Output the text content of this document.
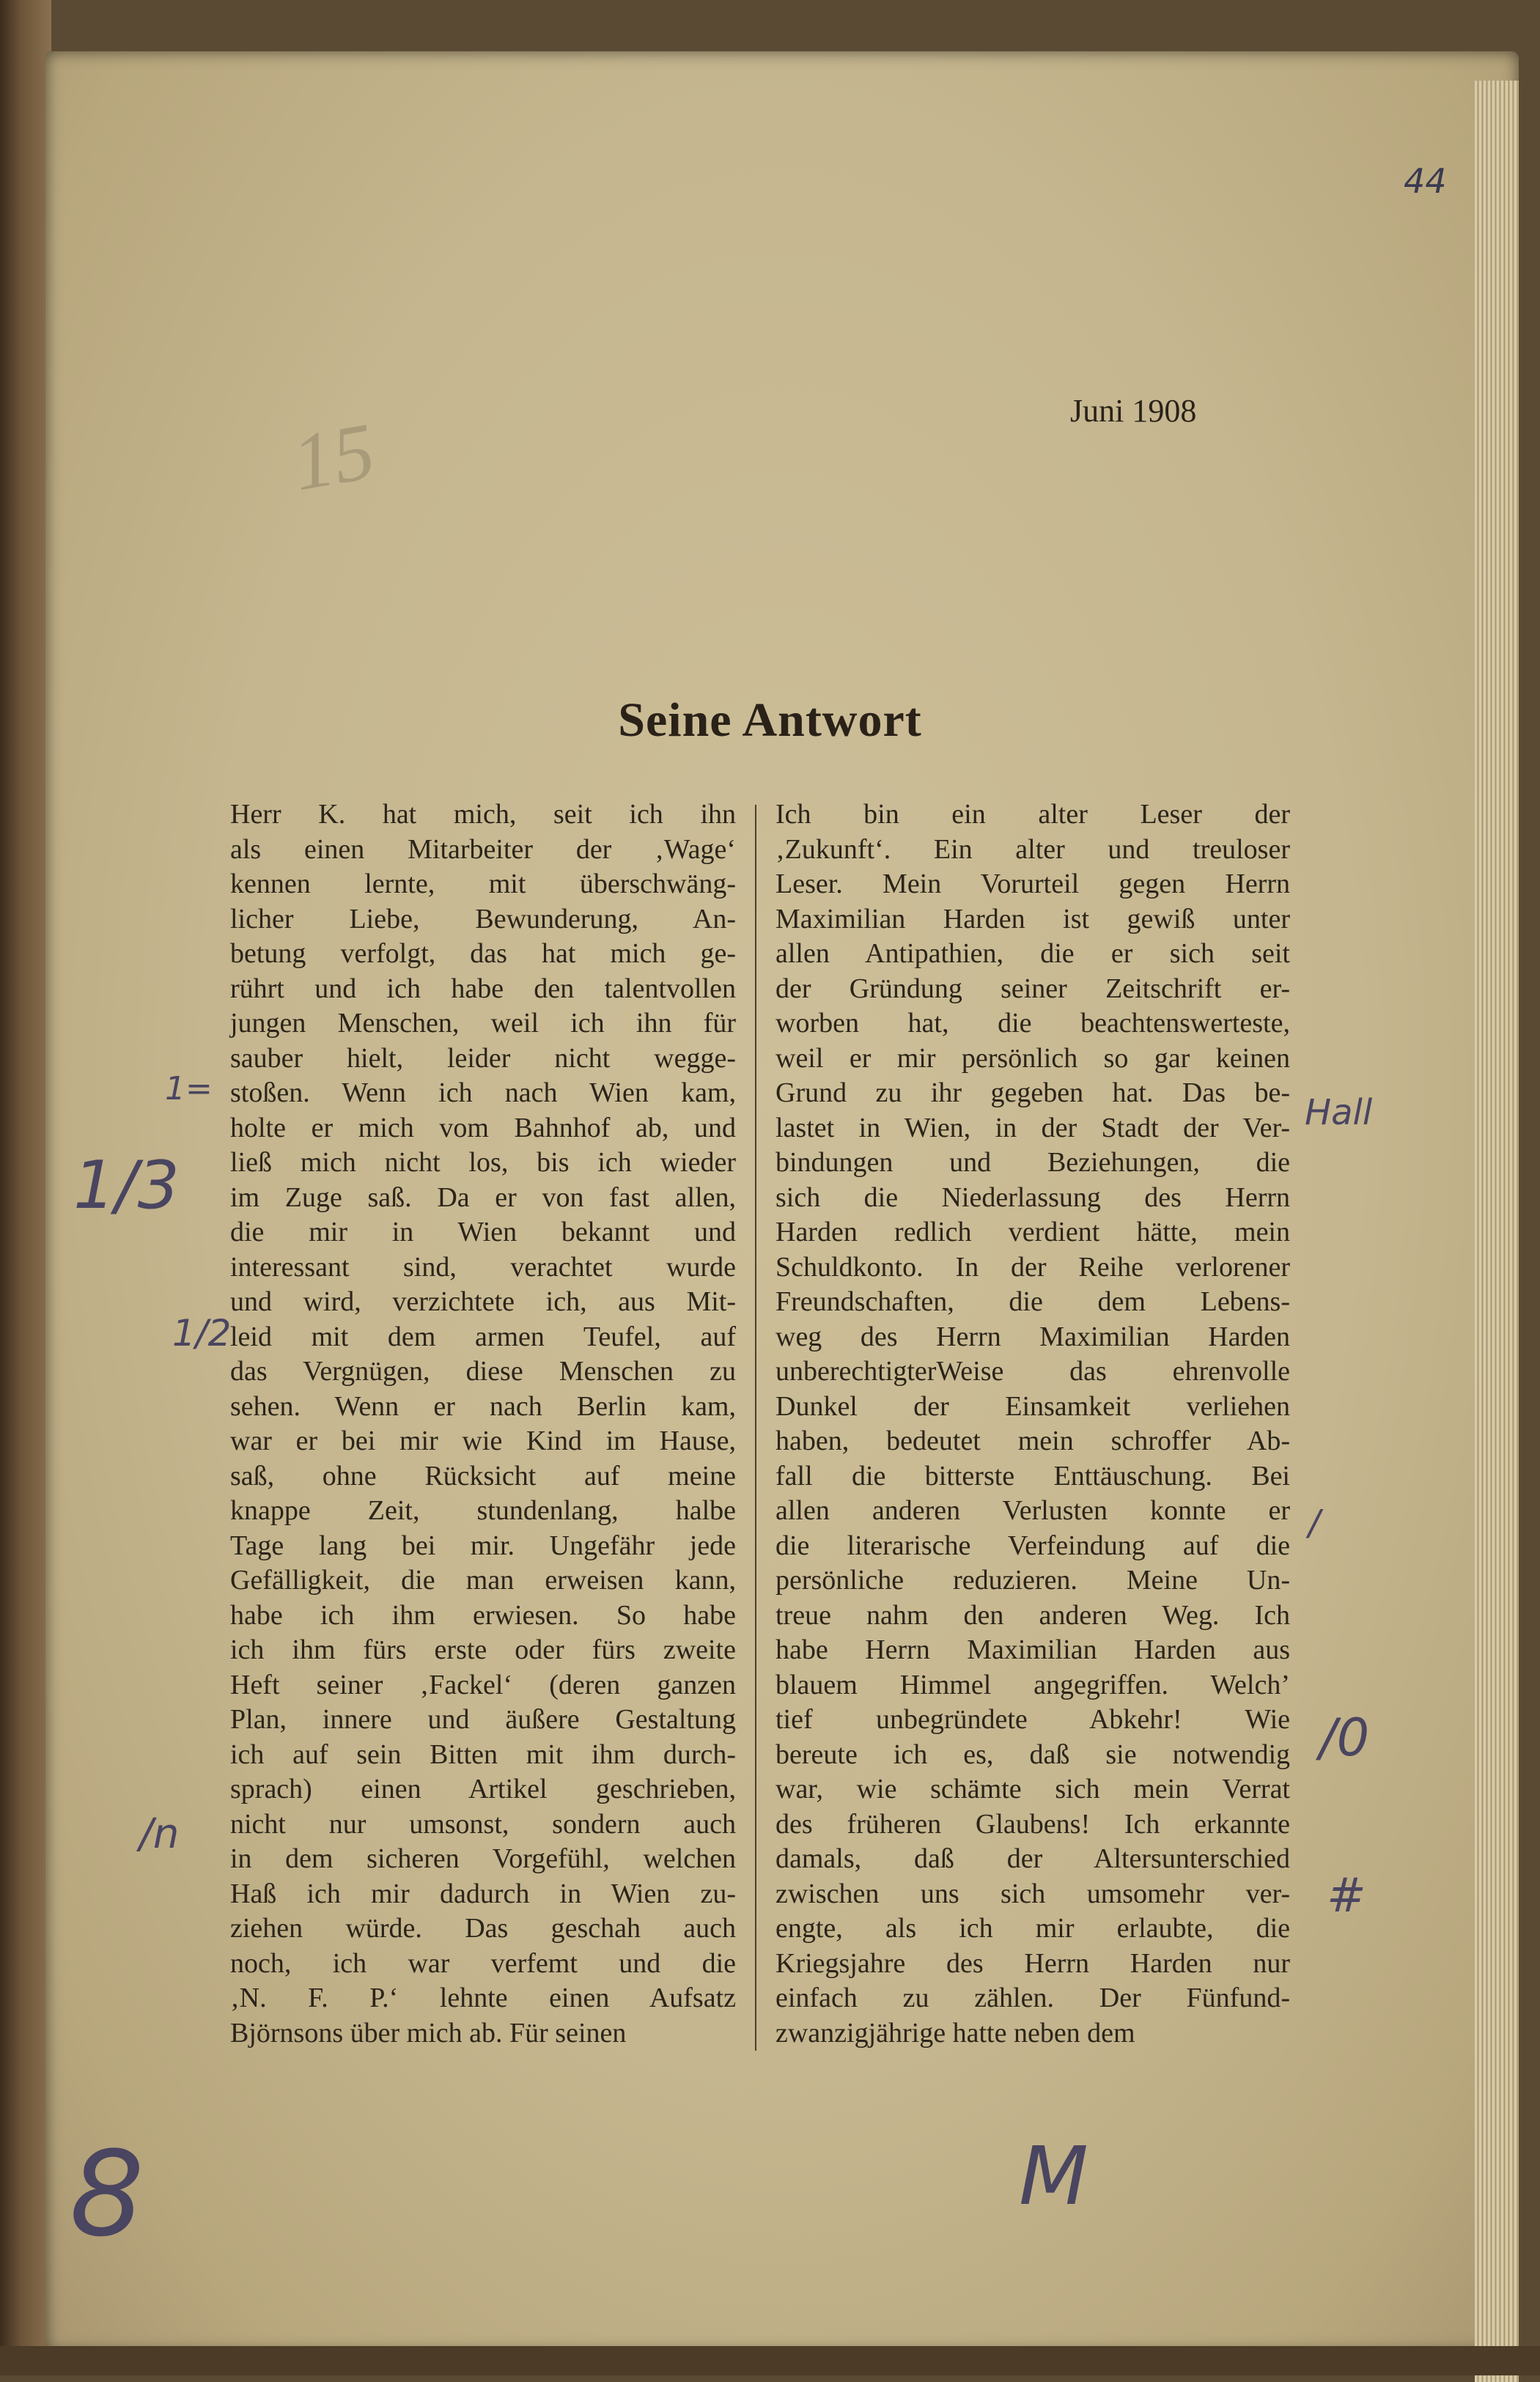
44
Juni 1908
15
Seine Antwort
Herr K. hat mich, seit ich ihn
als einen Mitarbeiter der ‚Wage‘
kennen lernte, mit überschwäng-
licher Liebe, Bewunderung, An-
betung verfolgt, das hat mich ge-
rührt und ich habe den talentvollen
jungen Menschen, weil ich ihn für
sauber hielt, leider nicht wegge-
stoßen. Wenn ich nach Wien kam,
holte er mich vom Bahnhof ab, und
ließ mich nicht los, bis ich wieder
im Zuge saß. Da er von fast allen,
die mir in Wien bekannt und
interessant sind, verachtet wurde
und wird, verzichtete ich, aus Mit-
leid mit dem armen Teufel, auf
das Vergnügen, diese Menschen zu
sehen. Wenn er nach Berlin kam,
war er bei mir wie Kind im Hause,
saß, ohne Rücksicht auf meine
knappe Zeit, stundenlang, halbe
Tage lang bei mir. Ungefähr jede
Gefälligkeit, die man erweisen kann,
habe ich ihm erwiesen. So habe
ich ihm fürs erste oder fürs zweite
Heft seiner ‚Fackel‘ (deren ganzen
Plan, innere und äußere Gestaltung
ich auf sein Bitten mit ihm durch-
sprach) einen Artikel geschrieben,
nicht nur umsonst, sondern auch
in dem sicheren Vorgefühl, welchen
Haß ich mir dadurch in Wien zu-
ziehen würde. Das geschah auch
noch, ich war verfemt und die
‚N. F. P.‘ lehnte einen Aufsatz
Björnsons über mich ab. Für seinen
Ich bin ein alter Leser der
‚Zukunft‘. Ein alter und treuloser
Leser. Mein Vorurteil gegen Herrn
Maximilian Harden ist gewiß unter
allen Antipathien, die er sich seit
der Gründung seiner Zeitschrift er-
worben hat, die beachtenswerteste,
weil er mir persönlich so gar keinen
Grund zu ihr gegeben hat. Das be-
lastet in Wien, in der Stadt der Ver-
bindungen und Beziehungen, die
sich die Niederlassung des Herrn
Harden redlich verdient hätte, mein
Schuldkonto. In der Reihe verlorener
Freundschaften, die dem Lebens-
weg des Herrn Maximilian Harden
unberechtigterWeise das ehrenvolle
Dunkel der Einsamkeit verliehen
haben, bedeutet mein schroffer Ab-
fall die bitterste Enttäuschung. Bei
allen anderen Verlusten konnte er
die literarische Verfeindung auf die
persönliche reduzieren. Meine Un-
treue nahm den anderen Weg. Ich
habe Herrn Maximilian Harden aus
blauem Himmel angegriffen. Welch’
tief unbegründete Abkehr! Wie
bereute ich es, daß sie notwendig
war, wie schämte sich mein Verrat
des früheren Glaubens! Ich erkannte
damals, daß der Altersunterschied
zwischen uns sich umsomehr ver-
engte, als ich mir erlaubte, die
Kriegsjahre des Herrn Harden nur
einfach zu zählen. Der Fünfund-
zwanzigjährige hatte neben dem
1=
1/3
1/2
/n
Hall
/
/0
#
8	M
